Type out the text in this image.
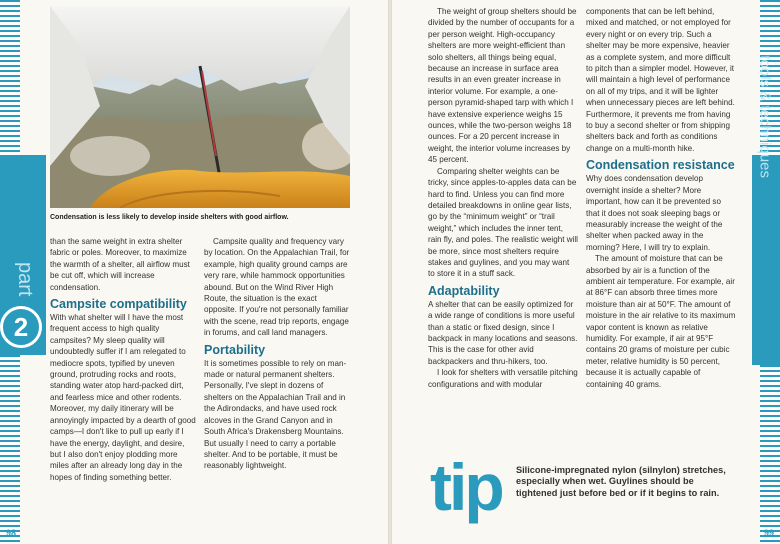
part
2
Condensation is less likely to develop inside shelters with good airflow.

than the same weight in extra shelter fabric or poles. Moreover, to maximize the warmth of a shelter, all airflow must be cut off, which will increase condensation.

Campsite compatibility

With what shelter will I have the most frequent access to high quality campsites? My sleep quality will undoubtedly suffer if I am relegated to mediocre spots, typified by uneven ground, protruding rocks and roots, standing water atop hard-packed dirt, and fearless mice and other rodents. Moreover, my daily itinerary will be annoyingly impacted by a dearth of good camps—I don't like to pull up early if I have the energy, daylight, and desire, but I also don't enjoy plodding more miles after an already long day in the hopes of finding something better.

Campsite quality and frequency vary by location. On the Appalachian Trail, for example, high quality ground camps are very rare, while hammock opportunities abound. But on the Wind River High Route, the situation is the exact opposite. If you're not personally familiar with the scene, read trip reports, engage in forums, and call land managers.

Portability

It is sometimes possible to rely on man-made or natural permanent shelters. Personally, I've slept in dozens of shelters on the Appalachian Trail and in the Adirondacks, and have used rock alcoves in the Grand Canyon and in South Africa's Drakensberg Mountains. But usually I need to carry a portable shelter. And to be portable, it must be reasonably lightweight.

98
tools & techniques
99

The weight of group shelters should be divided by the number of occupants for a per person weight. High-occupancy shelters are more weight-efficient than solo shelters, all things being equal, because an increase in surface area results in an even greater increase in interior volume. For example, a one-person pyramid-shaped tarp with which I have extensive experience weighs 15 ounces, while the two-person weighs 18 ounces. For a 20 percent increase in weight, the interior volume increases by 45 percent.

Comparing shelter weights can be tricky, since apples-to-apples data can be hard to find. Unless you can find more detailed breakdowns in online gear lists, go by the “minimum weight” or “trail weight,” which includes the inner tent, rain fly, and poles. The realistic weight will be more, since most shelters require stakes and guylines, and you may want to store it in a stuff sack.

Adaptability

A shelter that can be easily optimized for a wide range of conditions is more useful than a static or fixed design, since I backpack in many locations and seasons. This is the case for other avid backpackers and thru-hikers, too.

I look for shelters with versatile pitching configurations and with modular

components that can be left behind, mixed and matched, or not employed for every night or on every trip. Such a shelter may be more expensive, heavier as a complete system, and more difficult to pitch than a simpler model. However, it will maintain a high level of performance on all of my trips, and it will be lighter when unnecessary pieces are left behind. Furthermore, it prevents me from having to buy a second shelter or from shipping shelters back and forth as conditions change on a multi-month hike.

Condensation resistance

Why does condensation develop overnight inside a shelter? More important, how can it be prevented so that it does not soak sleeping bags or measurably increase the weight of the shelter when packed away in the morning? Here, I will try to explain.

The amount of moisture that can be absorbed by air is a function of the ambient air temperature. For example, air at 86°F can absorb three times more moisture than air at 50°F. The amount of moisture in the air relative to its maximum vapor content is known as relative humidity. For example, if air at 95°F contains 20 grams of moisture per cubic meter, relative humidity is 50 percent, because it is actually capable of containing 40 grams.

tip Silicone-impregnated nylon (silnylon) stretches, especially when wet. Guylines should be tightened just before bed or if it begins to rain.
